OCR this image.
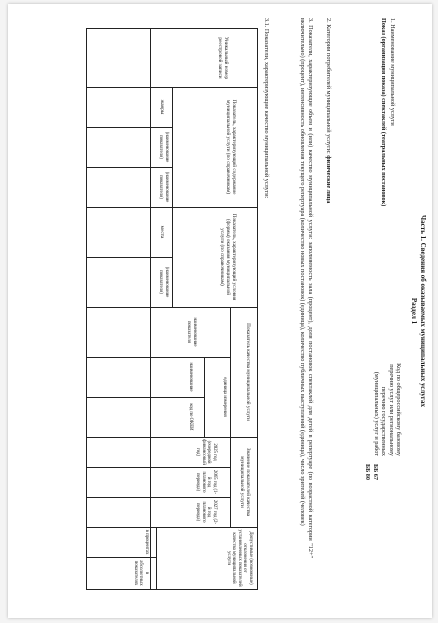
Часть 1. Сведения об оказываемых муниципальных услугах
Раздел 1
1. Наименование муниципальной услуги
Показ (организация показа) спектаклей (театральных постановок)
Код по общероссийскому базовому перечню услуг или региональному перечню государственных (муниципальных) услуг и работ
ББ 67
ББ 80
2. Категории потребителей муниципальной услуги: физические лица
3. Показатели, характеризующие объем и (или) качество муниципальной услуги: заполняемость зала (процент), доля постановок спектаклей для детей в репертуаре (по возрастной категории "12+" включительно) (процент), интенсивность обновления текущего репертуара (количество новых постановок) (единица), количество публичных выступлений (единица), число зрителей (человек)
3.1. Показатели, характеризующие качество муниципальной услуги:
Уникальный номер реестровой записи
Показатель, характеризующий содержание муниципальной услуги (по справочникам)
Показатель, характеризующий условия (формы) оказания муниципальной услуги (по справочникам)
Показатель качества муниципальной услуги
Значение показателей качества муниципальной услуги
Допустимые (возможные) отклонения от установленных показателей качества муниципальной услуги
жанры
(наименование показателя)
(наименование показателя)
места
(наименование показателя)
наименование показателя
единица измерения
наименование
код по ОКЕИ
2025 год (очередной финансовый год)
2065 год (1-й год планового периода)
2027 год (2-й год планового периода)
в процентах
в абсолютных показателях
